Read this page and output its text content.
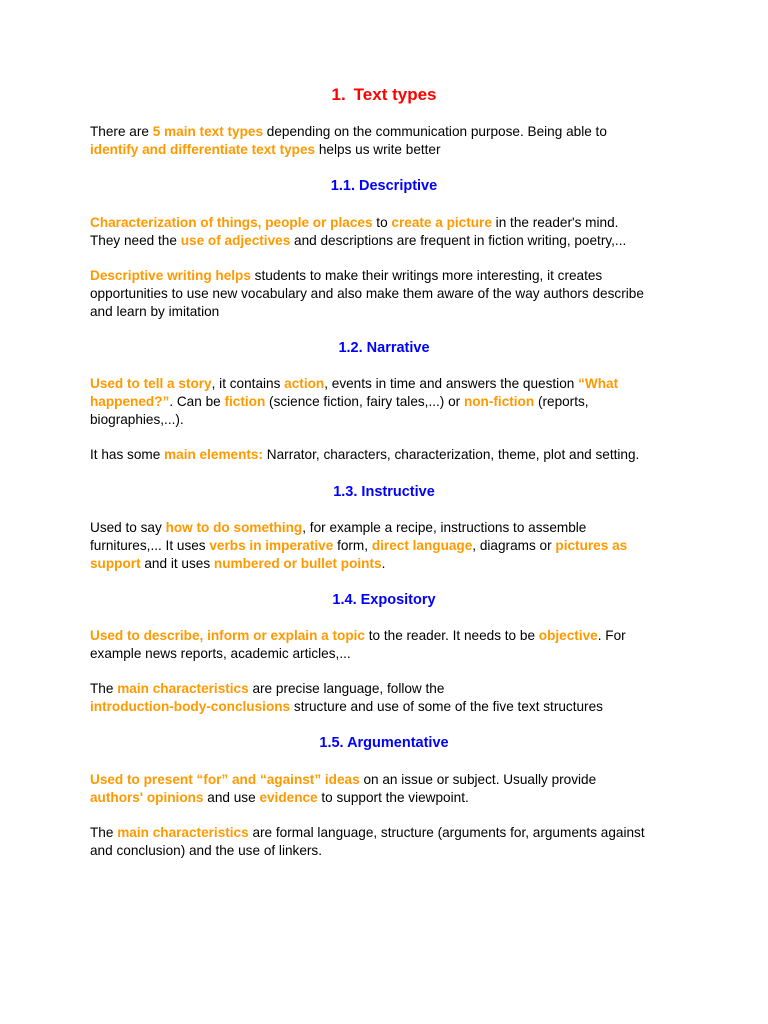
1. Text types
There are 5 main text types depending on the communication purpose. Being able to
identify and differentiate text types helps us write better
1.1. Descriptive
Characterization of things, people or places to create a picture in the reader's mind.
They need the use of adjectives and descriptions are frequent in fiction writing, poetry,...
Descriptive writing helps students to make their writings more interesting, it creates
opportunities to use new vocabulary and also make them aware of the way authors describe
and learn by imitation
1.2. Narrative
Used to tell a story, it contains action, events in time and answers the question “What
happened?”. Can be fiction (science fiction, fairy tales,...) or non-fiction (reports,
biographies,...).
It has some main elements: Narrator, characters, characterization, theme, plot and setting.
1.3. Instructive
Used to say how to do something, for example a recipe, instructions to assemble
furnitures,... It uses verbs in imperative form, direct language, diagrams or pictures as
support and it uses numbered or bullet points.
1.4. Expository
Used to describe, inform or explain a topic to the reader. It needs to be objective. For
example news reports, academic articles,...
The main characteristics are precise language, follow the
introduction-body-conclusions structure and use of some of the five text structures
1.5. Argumentative
Used to present “for” and “against” ideas on an issue or subject. Usually provide
authors' opinions and use evidence to support the viewpoint.
The main characteristics are formal language, structure (arguments for, arguments against
and conclusion) and the use of linkers.
